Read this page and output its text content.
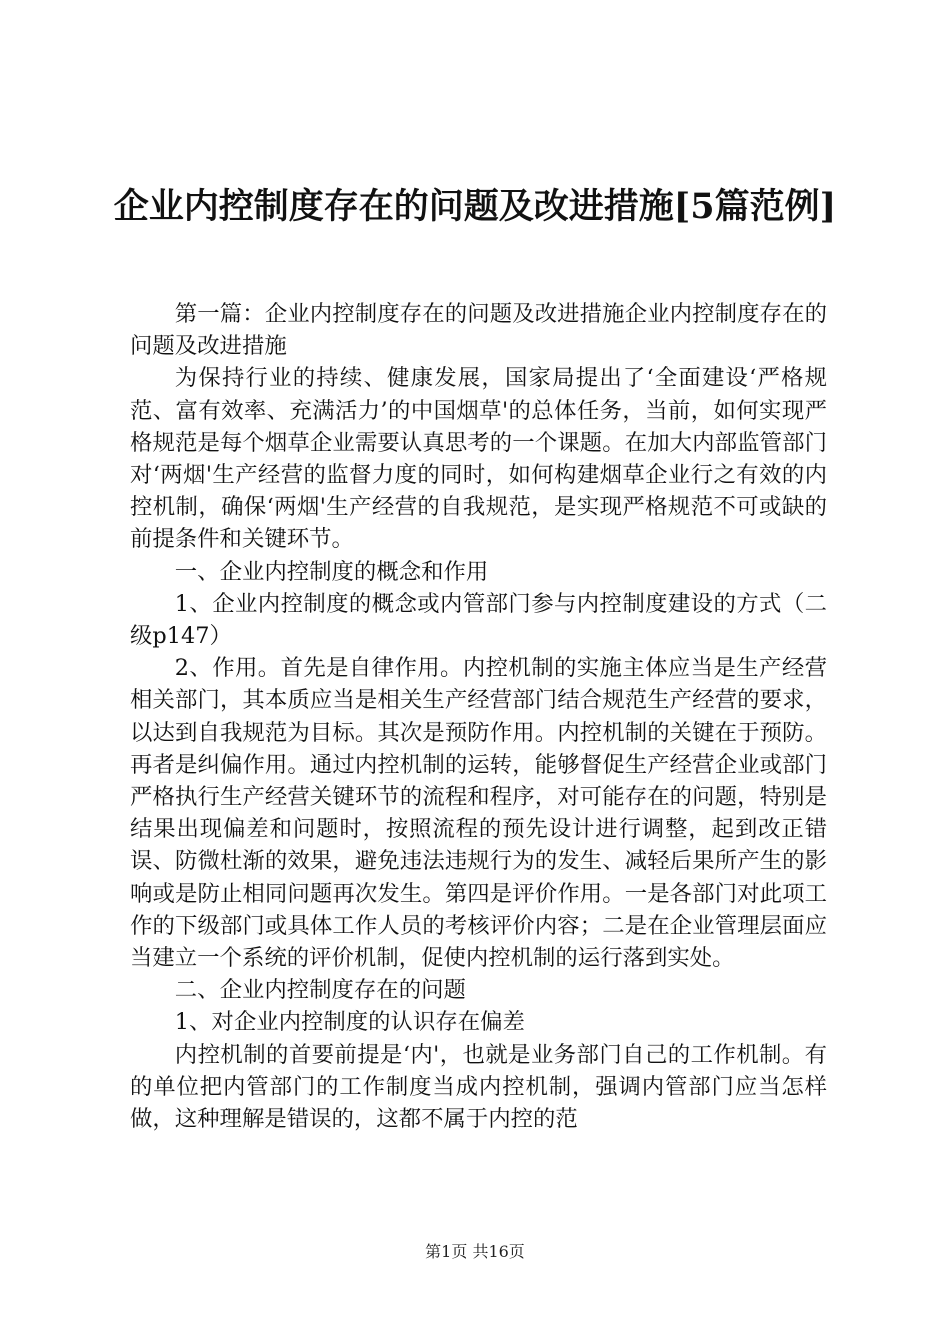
企业内控制度存在的问题及改进措施[5篇范例]

第一篇：企业内控制度存在的问题及改进措施企业内控制度存在的问题及改进措施

为保持行业的持续、健康发展，国家局提出了‘全面建设‘严格规范、富有效率、充满活力’的中国烟草'的总体任务，当前，如何实现严格规范是每个烟草企业需要认真思考的一个课题。在加大内部监管部门对‘两烟'生产经营的监督力度的同时，如何构建烟草企业行之有效的内控机制，确保‘两烟'生产经营的自我规范，是实现严格规范不可或缺的前提条件和关键环节。

一、企业内控制度的概念和作用

1、企业内控制度的概念或内管部门参与内控制度建设的方式（二级p147）

2、作用。首先是自律作用。内控机制的实施主体应当是生产经营相关部门，其本质应当是相关生产经营部门结合规范生产经营的要求，以达到自我规范为目标。其次是预防作用。内控机制的关键在于预防。再者是纠偏作用。通过内控机制的运转，能够督促生产经营企业或部门严格执行生产经营关键环节的流程和程序，对可能存在的问题，特别是结果出现偏差和问题时，按照流程的预先设计进行调整，起到改正错误、防微杜渐的效果，避免违法违规行为的发生、减轻后果所产生的影响或是防止相同问题再次发生。第四是评价作用。一是各部门对此项工作的下级部门或具体工作人员的考核评价内容；二是在企业管理层面应当建立一个系统的评价机制，促使内控机制的运行落到实处。

二、企业内控制度存在的问题

1、对企业内控制度的认识存在偏差

内控机制的首要前提是‘内'，也就是业务部门自己的工作机制。有的单位把内管部门的工作制度当成内控机制，强调内管部门应当怎样做，这种理解是错误的，这都不属于内控的范

第1页 共16页
